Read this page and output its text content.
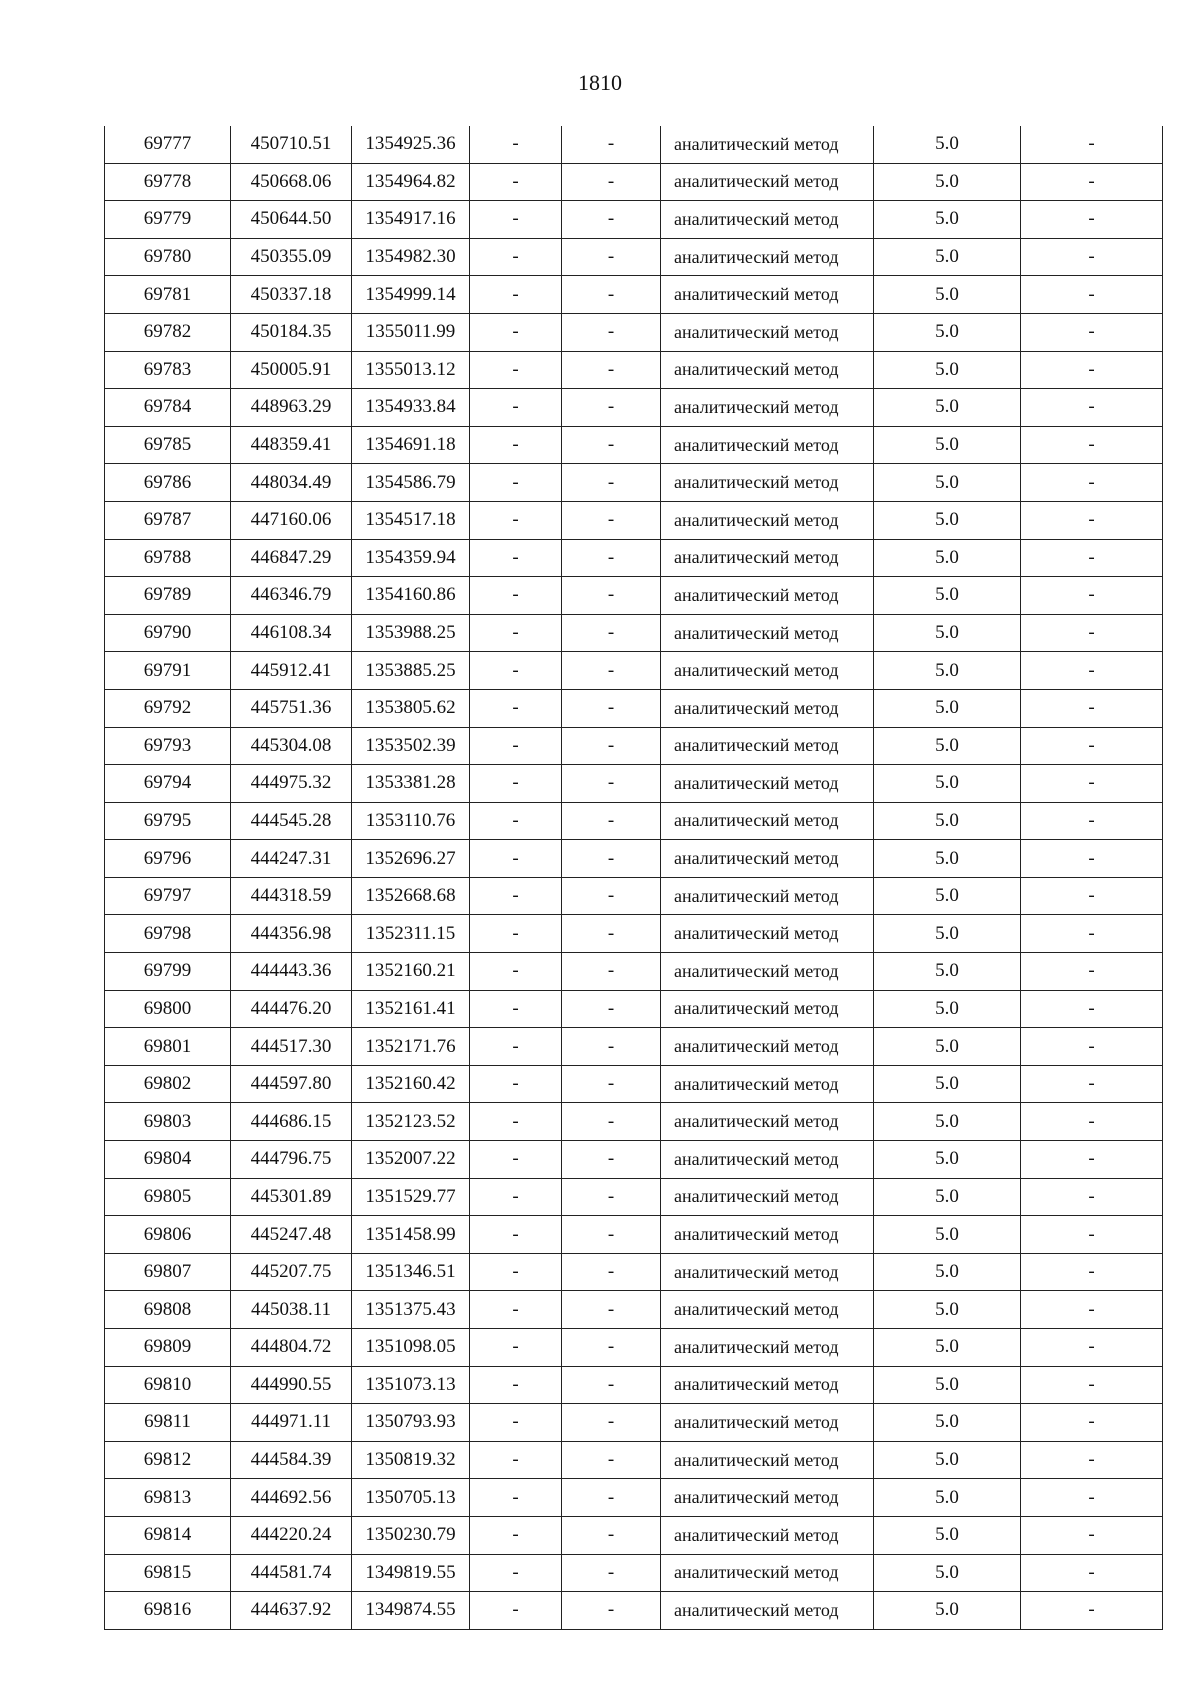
1810
69777	450710.51	1354925.36	-	-	аналитический метод	5.0	-
69778	450668.06	1354964.82	-	-	аналитический метод	5.0	-
69779	450644.50	1354917.16	-	-	аналитический метод	5.0	-
69780	450355.09	1354982.30	-	-	аналитический метод	5.0	-
69781	450337.18	1354999.14	-	-	аналитический метод	5.0	-
69782	450184.35	1355011.99	-	-	аналитический метод	5.0	-
69783	450005.91	1355013.12	-	-	аналитический метод	5.0	-
69784	448963.29	1354933.84	-	-	аналитический метод	5.0	-
69785	448359.41	1354691.18	-	-	аналитический метод	5.0	-
69786	448034.49	1354586.79	-	-	аналитический метод	5.0	-
69787	447160.06	1354517.18	-	-	аналитический метод	5.0	-
69788	446847.29	1354359.94	-	-	аналитический метод	5.0	-
69789	446346.79	1354160.86	-	-	аналитический метод	5.0	-
69790	446108.34	1353988.25	-	-	аналитический метод	5.0	-
69791	445912.41	1353885.25	-	-	аналитический метод	5.0	-
69792	445751.36	1353805.62	-	-	аналитический метод	5.0	-
69793	445304.08	1353502.39	-	-	аналитический метод	5.0	-
69794	444975.32	1353381.28	-	-	аналитический метод	5.0	-
69795	444545.28	1353110.76	-	-	аналитический метод	5.0	-
69796	444247.31	1352696.27	-	-	аналитический метод	5.0	-
69797	444318.59	1352668.68	-	-	аналитический метод	5.0	-
69798	444356.98	1352311.15	-	-	аналитический метод	5.0	-
69799	444443.36	1352160.21	-	-	аналитический метод	5.0	-
69800	444476.20	1352161.41	-	-	аналитический метод	5.0	-
69801	444517.30	1352171.76	-	-	аналитический метод	5.0	-
69802	444597.80	1352160.42	-	-	аналитический метод	5.0	-
69803	444686.15	1352123.52	-	-	аналитический метод	5.0	-
69804	444796.75	1352007.22	-	-	аналитический метод	5.0	-
69805	445301.89	1351529.77	-	-	аналитический метод	5.0	-
69806	445247.48	1351458.99	-	-	аналитический метод	5.0	-
69807	445207.75	1351346.51	-	-	аналитический метод	5.0	-
69808	445038.11	1351375.43	-	-	аналитический метод	5.0	-
69809	444804.72	1351098.05	-	-	аналитический метод	5.0	-
69810	444990.55	1351073.13	-	-	аналитический метод	5.0	-
69811	444971.11	1350793.93	-	-	аналитический метод	5.0	-
69812	444584.39	1350819.32	-	-	аналитический метод	5.0	-
69813	444692.56	1350705.13	-	-	аналитический метод	5.0	-
69814	444220.24	1350230.79	-	-	аналитический метод	5.0	-
69815	444581.74	1349819.55	-	-	аналитический метод	5.0	-
69816	444637.92	1349874.55	-	-	аналитический метод	5.0	-
